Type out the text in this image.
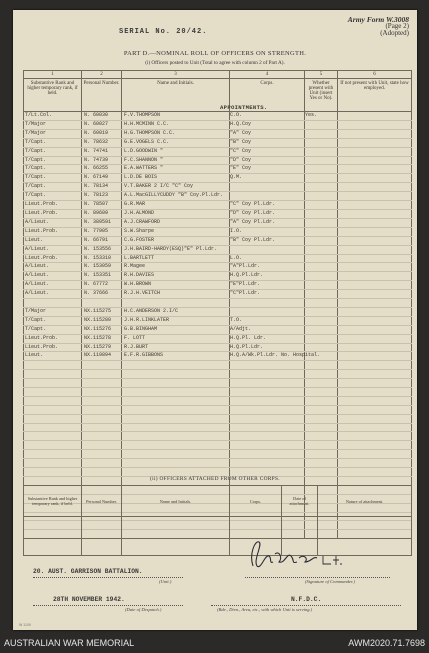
Army Form W.3008
(Page 2)
(Adopted)
SERIAL No. 20/42.
PART D.—NOMINAL ROLL OF OFFICERS ON STRENGTH.
(i) Officers posted to Unit (Total to agree with column 2 of Part A).
1	2	3	4	5	6
Substantive Rank and higher temporary rank, if held.	Personal Number.	Name and Initials.	Corps.
APPOINTMENTS.	Whether present with Unit (insert Yes or No).	If not present with Unit, state how employed.
T/Lt.Col.	N. 60030	F.V.THOMPSON	C.O.	Yes.	
T/Major	N. 60027	H.H.MCMINN C.C.	H.Q.Coy		
T/Major	N. 60019	H.G.THOMPSON C.C.	"A" Coy		
T/Capt.	N. 78632	G.E.VOGELS C.C.	"B" Coy		
T/Capt.	N. 74741	L.D.GOODWIN "	"C" Coy		
T/Capt.	N. 74739	F.C.SHANNON "	"D" Coy		
T/Capt.	N. 66255	E.A.WATTERS "	"E" Coy		
T/Capt.	N. 67149	L.D.DE BOIS	Q.M.		
T/Capt.	N. 78134	V.T.BAKER 2 I/C "C" Coy			
T/Capt.	N. 78123	A.L.MacGILLYCUDDY "B" Coy.Pl.Ldr.			
Lieut.Prob.	N. 78507	G.R.MAR	"C" Coy Pl.Ldr.		
Lieut.Prob.	N. 89609	J.H.ALMOND	"D" Coy Pl.Ldr.		
A/Lieut.	N. 389591	A.J.CRAWFORD	"A" Coy Pl.Ldr.		
Lieut.Prob.	N. 77905	S.W.Sharpe	I.O.		
Lieut.	N. 66791	C.G.FOSTER	"B" Coy Pl.Ldr.		
A/Lieut.	N. 153556	J.H.BAIRD-HARDY(ESQ)"E" Pl.Ldr.			
Lieut.Prob.	N. 153310	L.BARTLETT	L.O.		
A/Lieut.	N. 153059	R.Magee	"A"Pl.Ldr.		
A/Lieut.	N. 153351	R.H.DAVIES	H.Q.Pl.Ldr.		
A/Lieut.	N. 67772	W.H.BROWN	"E"Pl.Ldr.		
A/Lieut.	N. 37666	R.J.H.VEITCH	"C"Pl.Ldr.		

T/Major	NX.115275	H.C.ANDERSON 2.I/C			
T/Capt.	NX.115280	J.H.R.LINKLATER	T.O.		
T/Capt.	NX.115276	G.B.BINGHAM	A/Adjt.		
Lieut.Prob.	NX.115278	F. LOTT	H.Q.Pl. Ldr.		
Lieut.Prob.	NX.115279	R.J.BURT	H.Q.Pl.Ldr.		
Lieut.	NX.119894	E.F.R.GIBBONS	H.Q.A/Wk.Pl.Ldr. No. Hospital.		

(ii) OFFICERS ATTACHED FROM OTHER CORPS.
Substantive Rank and higher temporary rank, if held.	Personal Number.	Name and Initials.	Corps.	Date of attachment.	Nature of attachment.

20. AUST. GARRISON BATTALION.
(Unit.)	(Signature of Commander.)
28TH NOVEMBER 1942.
(Date of Despatch.)
N.F.D.C.
(Bde., Divn., Area, etc., with which Unit is serving.)
W 1109
AUSTRALIAN WAR MEMORIAL	AWM2020.71.7698
